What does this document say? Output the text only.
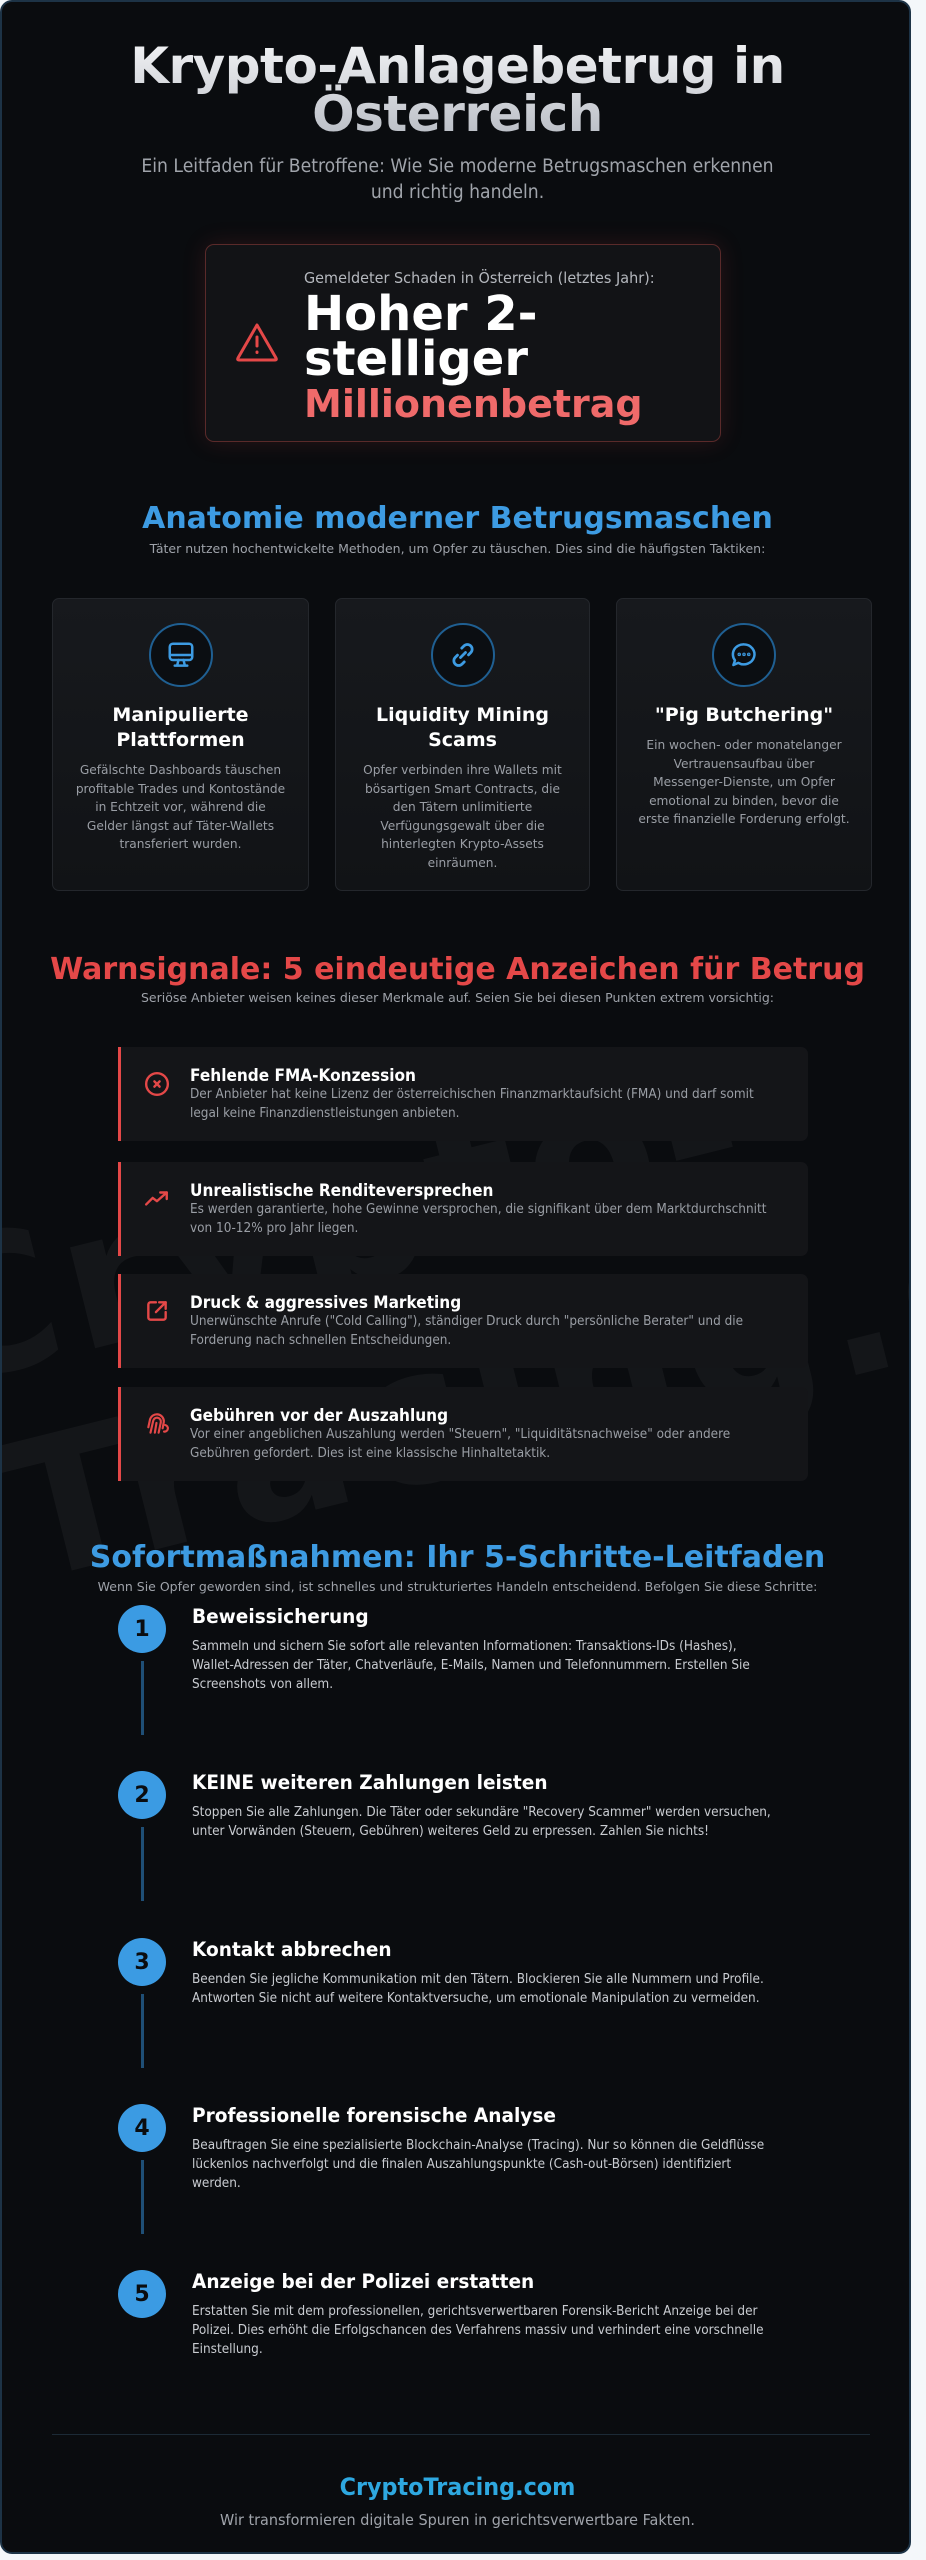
Krypto-Anlagebetrug in
Österreich

Ein Leitfaden für Betroffene: Wie Sie moderne Betrugsmaschen erkennen und richtig handeln.

Gemeldeter Schaden in Österreich (letztes Jahr):
Hoher 2-
stelliger
Millionenbetrag
Anatomie moderner Betrugsmaschen

Täter nutzen hochentwickelte Methoden, um Opfer zu täuschen. Dies sind die häufigsten Taktiken:

Manipulierte Plattformen
Gefälschte Dashboards täuschen profitable Trades und Kontostände in Echtzeit vor, während die Gelder längst auf Täter-Wallets transferiert wurden.
Liquidity Mining Scams
Opfer verbinden ihre Wallets mit bösartigen Smart Contracts, die den Tätern unlimitierte Verfügungsgewalt über die hinterlegten Krypto-Assets einräumen.
"Pig Butchering"
Ein wochen- oder monatelanger Vertrauensaufbau über Messenger-Dienste, um Opfer emotional zu binden, bevor die erste finanzielle Forderung erfolgt.
Warnsignale: 5 eindeutige Anzeichen für Betrug

Seriöse Anbieter weisen keines dieser Merkmale auf. Seien Sie bei diesen Punkten extrem vorsichtig:

Fehlende FMA-Konzession
Der Anbieter hat keine Lizenz der österreichischen Finanzmarktaufsicht (FMA) und darf somit legal keine Finanzdienstleistungen anbieten.
Unrealistische Renditeversprechen
Es werden garantierte, hohe Gewinne versprochen, die signifikant über dem Marktdurchschnitt von 10-12% pro Jahr liegen.
Druck & aggressives Marketing
Unerwünschte Anrufe ("Cold Calling"), ständiger Druck durch "persönliche Berater" und die Forderung nach schnellen Entscheidungen.
Gebühren vor der Auszahlung
Vor einer angeblichen Auszahlung werden "Steuern", "Liquiditätsnachweise" oder andere Gebühren gefordert. Dies ist eine klassische Hinhaltetaktik.
Sofortmaßnahmen: Ihr 5-Schritte-Leitfaden

Wenn Sie Opfer geworden sind, ist schnelles und strukturiertes Handeln entscheidend. Befolgen Sie diese Schritte:

1	Beweissicherung
Sammeln und sichern Sie sofort alle relevanten Informationen: Transaktions-IDs (Hashes), Wallet-Adressen der Täter, Chatverläufe, E-Mails, Namen und Telefonnummern. Erstellen Sie Screenshots von allem.
2	KEINE weiteren Zahlungen leisten
Stoppen Sie alle Zahlungen. Die Täter oder sekundäre "Recovery Scammer" werden versuchen, unter Vorwänden (Steuern, Gebühren) weiteres Geld zu erpressen. Zahlen Sie nichts!
3	Kontakt abbrechen
Beenden Sie jegliche Kommunikation mit den Tätern. Blockieren Sie alle Nummern und Profile. Antworten Sie nicht auf weitere Kontaktversuche, um emotionale Manipulation zu vermeiden.
4	Professionelle forensische Analyse
Beauftragen Sie eine spezialisierte Blockchain-Analyse (Tracing). Nur so können die Geldflüsse lückenlos nachverfolgt und die finalen Auszahlungspunkte (Cash-out-Börsen) identifiziert werden.
5	Anzeige bei der Polizei erstatten
Erstatten Sie mit dem professionellen, gerichtsverwertbaren Forensik-Bericht Anzeige bei der Polizei. Dies erhöht die Erfolgschancen des Verfahrens massiv und verhindert eine vorschnelle Einstellung.
CryptoTracing.com
Wir transformieren digitale Spuren in gerichtsverwertbare Fakten.
